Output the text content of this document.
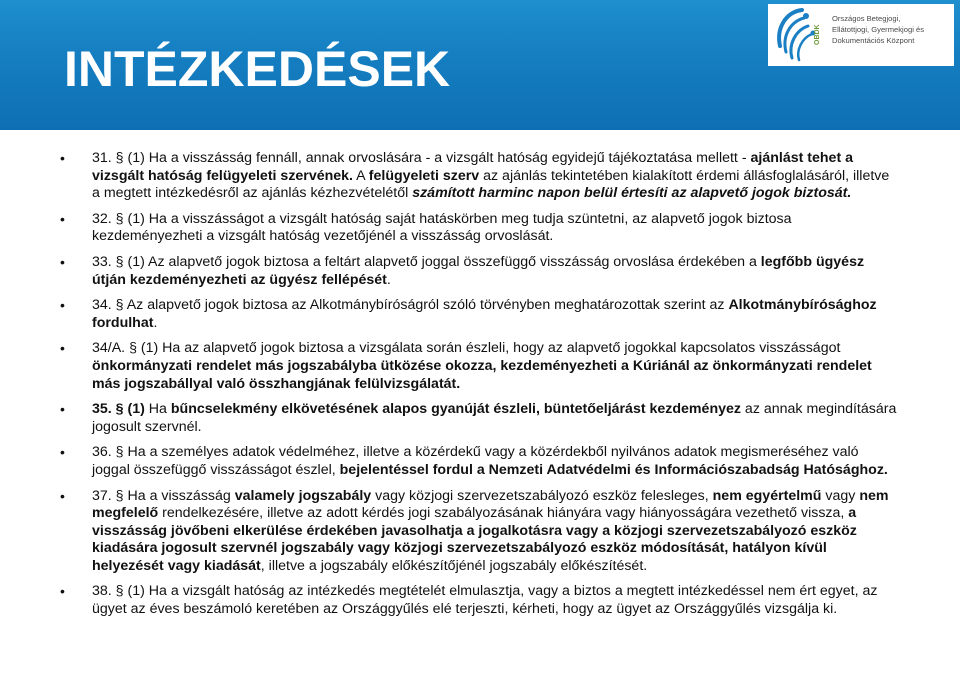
INTÉZKEDÉSEK
OBDK
Országos Betegjogi,
Ellátottjogi, Gyermekjogi és
Dokumentációs Központ
•	31. § (1) Ha a visszásság fennáll, annak orvoslására - a vizsgált hatóság egyidejű tájékoztatása mellett - ajánlást tehet a vizsgált hatóság felügyeleti szervének. A felügyeleti szerv az ajánlás tekintetében kialakított érdemi állásfoglalásáról, illetve a megtett intézkedésről az ajánlás kézhezvételétől számított harminc napon belül értesíti az alapvető jogok biztosát.

•	32. § (1) Ha a visszásságot a vizsgált hatóság saját hatáskörben meg tudja szüntetni, az alapvető jogok biztosa kezdeményezheti a vizsgált hatóság vezetőjénél a visszásság orvoslását.

•	33. § (1) Az alapvető jogok biztosa a feltárt alapvető joggal összefüggő visszásság orvoslása érdekében a legfőbb ügyész útján kezdeményezheti az ügyész fellépését.

•	34. § Az alapvető jogok biztosa az Alkotmánybíróságról szóló törvényben meghatározottak szerint az Alkotmánybírósághoz fordulhat.

•	34/A. § (1) Ha az alapvető jogok biztosa a vizsgálata során észleli, hogy az alapvető jogokkal kapcsolatos visszásságot önkormányzati rendelet más jogszabályba ütközése okozza, kezdeményezheti a Kúriánál az önkormányzati rendelet más jogszabállyal való összhangjának felülvizsgálatát.

•	35. § (1) Ha bűncselekmény elkövetésének alapos gyanúját észleli, büntetőeljárást kezdeményez az annak megindítására jogosult szervnél.

•	36. § Ha a személyes adatok védelméhez, illetve a közérdekű vagy a közérdekből nyilvános adatok megismeréséhez való joggal összefüggő visszásságot észlel, bejelentéssel fordul a Nemzeti Adatvédelmi és Információszabadság Hatósághoz.

•	37. § Ha a visszásság valamely jogszabály vagy közjogi szervezetszabályozó eszköz felesleges, nem egyértelmű vagy nem megfelelő rendelkezésére, illetve az adott kérdés jogi szabályozásának hiányára vagy hiányosságára vezethető vissza, a visszásság jövőbeni elkerülése érdekében javasolhatja a jogalkotásra vagy a közjogi szervezetszabályozó eszköz kiadására jogosult szervnél jogszabály vagy közjogi szervezetszabályozó eszköz módosítását, hatályon kívül helyezését vagy kiadását, illetve a jogszabály előkészítőjénél jogszabály előkészítését.

•	38. § (1) Ha a vizsgált hatóság az intézkedés megtételét elmulasztja, vagy a biztos a megtett intézkedéssel nem ért egyet, az ügyet az éves beszámoló keretében az Országgyűlés elé terjeszti, kérheti, hogy az ügyet az Országgyűlés vizsgálja ki.
